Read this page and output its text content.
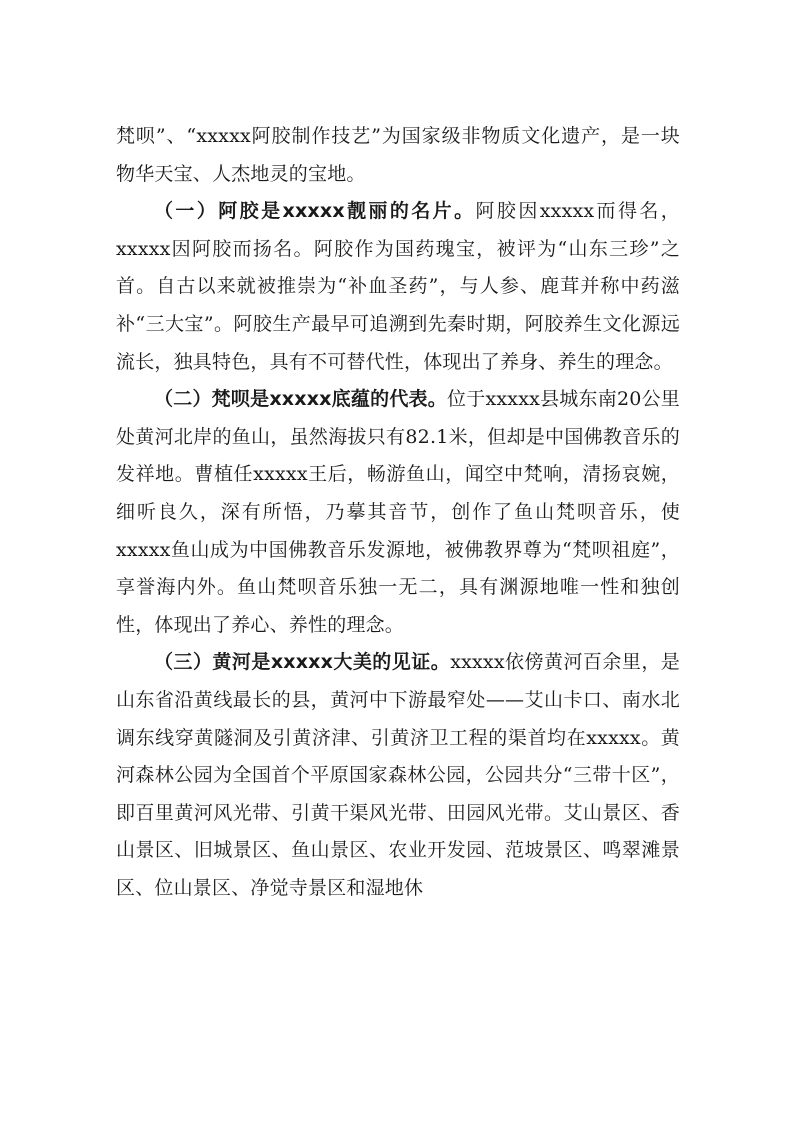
梵呗”、“xxxxx阿胶制作技艺”为国家级非物质文化遗产，是一块物华天宝、人杰地灵的宝地。

（一）阿胶是xxxxx靓丽的名片。阿胶因xxxxx而得名，xxxxx因阿胶而扬名。阿胶作为国药瑰宝，被评为“山东三珍”之首。自古以来就被推崇为“补血圣药”，与人参、鹿茸并称中药滋补“三大宝”。阿胶生产最早可追溯到先秦时期，阿胶养生文化源远流长，独具特色，具有不可替代性，体现出了养身、养生的理念。

（二）梵呗是xxxxx底蕴的代表。位于xxxxx县城东南20公里处黄河北岸的鱼山，虽然海拔只有82.1米，但却是中国佛教音乐的发祥地。曹植任xxxxx王后，畅游鱼山，闻空中梵响，清扬哀婉，细听良久，深有所悟，乃摹其音节，创作了鱼山梵呗音乐，使xxxxx鱼山成为中国佛教音乐发源地，被佛教界尊为“梵呗祖庭”，享誉海内外。鱼山梵呗音乐独一无二，具有渊源地唯一性和独创性，体现出了养心、养性的理念。

（三）黄河是xxxxx大美的见证。xxxxx依傍黄河百余里，是山东省沿黄线最长的县，黄河中下游最窄处——艾山卡口、南水北调东线穿黄隧洞及引黄济津、引黄济卫工程的渠首均在xxxxx。黄河森林公园为全国首个平原国家森林公园，公园共分“三带十区”，即百里黄河风光带、引黄干渠风光带、田园风光带。艾山景区、香山景区、旧城景区、鱼山景区、农业开发园、范坡景区、鸣翠滩景区、位山景区、净觉寺景区和湿地休
